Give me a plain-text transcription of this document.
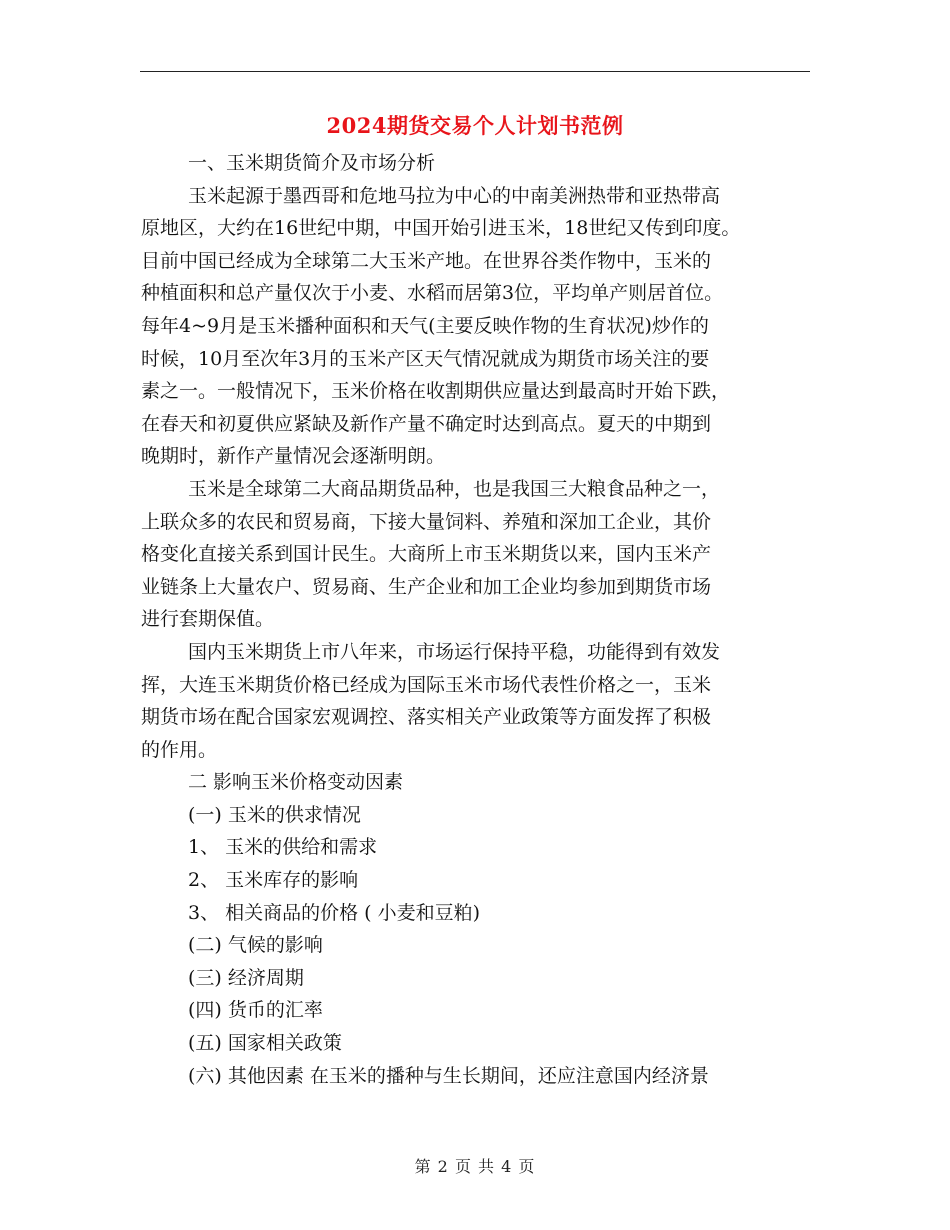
2024期货交易个人计划书范例
一、玉米期货简介及市场分析
玉米起源于墨西哥和危地马拉为中心的中南美洲热带和亚热带高
原地区，大约在16世纪中期，中国开始引进玉米，18世纪又传到印度。
目前中国已经成为全球第二大玉米产地。在世界谷类作物中，玉米的
种植面积和总产量仅次于小麦、水稻而居第3位，平均单产则居首位。
每年4~9月是玉米播种面积和天气(主要反映作物的生育状况)炒作的
时候，10月至次年3月的玉米产区天气情况就成为期货市场关注的要
素之一。一般情况下，玉米价格在收割期供应量达到最高时开始下跌，
在春天和初夏供应紧缺及新作产量不确定时达到高点。夏天的中期到
晚期时，新作产量情况会逐渐明朗。
玉米是全球第二大商品期货品种，也是我国三大粮食品种之一，
上联众多的农民和贸易商，下接大量饲料、养殖和深加工企业，其价
格变化直接关系到国计民生。大商所上市玉米期货以来，国内玉米产
业链条上大量农户、贸易商、生产企业和加工企业均参加到期货市场
进行套期保值。
国内玉米期货上市八年来，市场运行保持平稳，功能得到有效发
挥，大连玉米期货价格已经成为国际玉米市场代表性价格之一，玉米
期货市场在配合国家宏观调控、落实相关产业政策等方面发挥了积极
的作用。
二 影响玉米价格变动因素
(一) 玉米的供求情况
1、 玉米的供给和需求
2、 玉米库存的影响
3、 相关商品的价格 ( 小麦和豆粕)
(二) 气候的影响
(三) 经济周期
(四) 货币的汇率
(五) 国家相关政策
(六) 其他因素 在玉米的播种与生长期间，还应注意国内经济景
第 2 页 共 4 页
